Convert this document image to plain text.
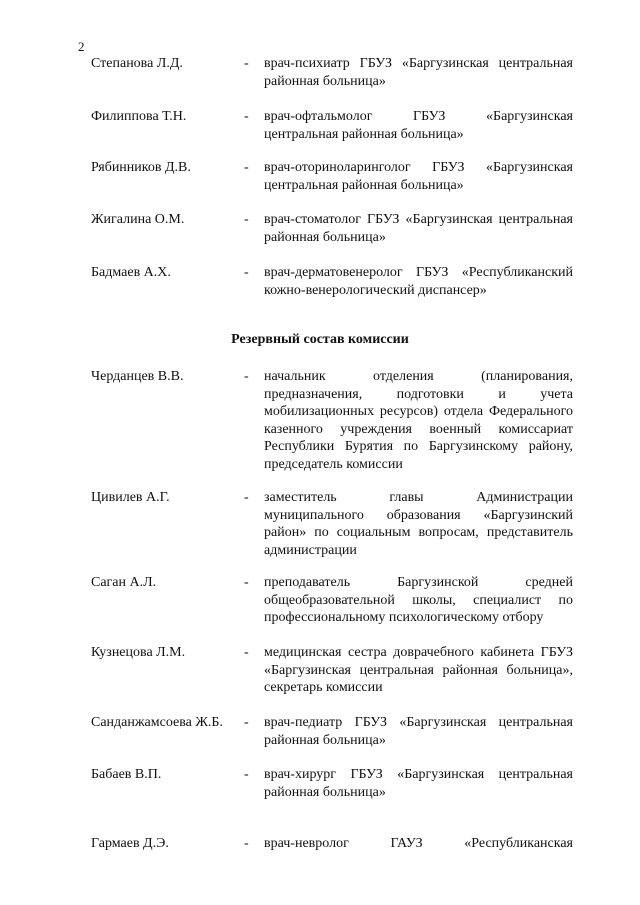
2
Степанова Л.Д.	- врач-психиатр ГБУЗ «Баргузинская центральная районная больница»
Филиппова Т.Н.	- врач-офтальмолог ГБУЗ «Баргузинская центральная районная больница»
Рябинников Д.В.	- врач-оториноларинголог ГБУЗ «Баргузинская центральная районная больница»
Жигалина О.М.	- врач-стоматолог ГБУЗ «Баргузинская центральная районная больница»
Бадмаев А.Х.	- врач-дерматовенеролог ГБУЗ «Республиканский кожно-венерологический диспансер»
Резервный состав комиссии
Черданцев В.В.	- начальник отделения (планирования, предназначения, подготовки и учета мобилизационных ресурсов) отдела Федерального казенного учреждения военный комиссариат Республики Бурятия по Баргузинскому району, председатель комиссии
Цивилев А.Г.	- заместитель главы Администрации муниципального образования «Баргузинский район» по социальным вопросам, представитель администрации
Саган А.Л.	- преподаватель Баргузинской средней общеобразовательной школы, специалист по профессиональному психологическому отбору
Кузнецова Л.М.	- медицинская сестра доврачебного кабинета ГБУЗ «Баргузинская центральная районная больница», секретарь комиссии
Санданжамсоева Ж.Б. - врач-педиатр ГБУЗ «Баргузинская центральная районная больница»
Бабаев В.П.	- врач-хирург ГБУЗ «Баргузинская центральная районная больница»
Гармаев Д.Э.	- врач-невролог ГАУЗ «Республиканская
